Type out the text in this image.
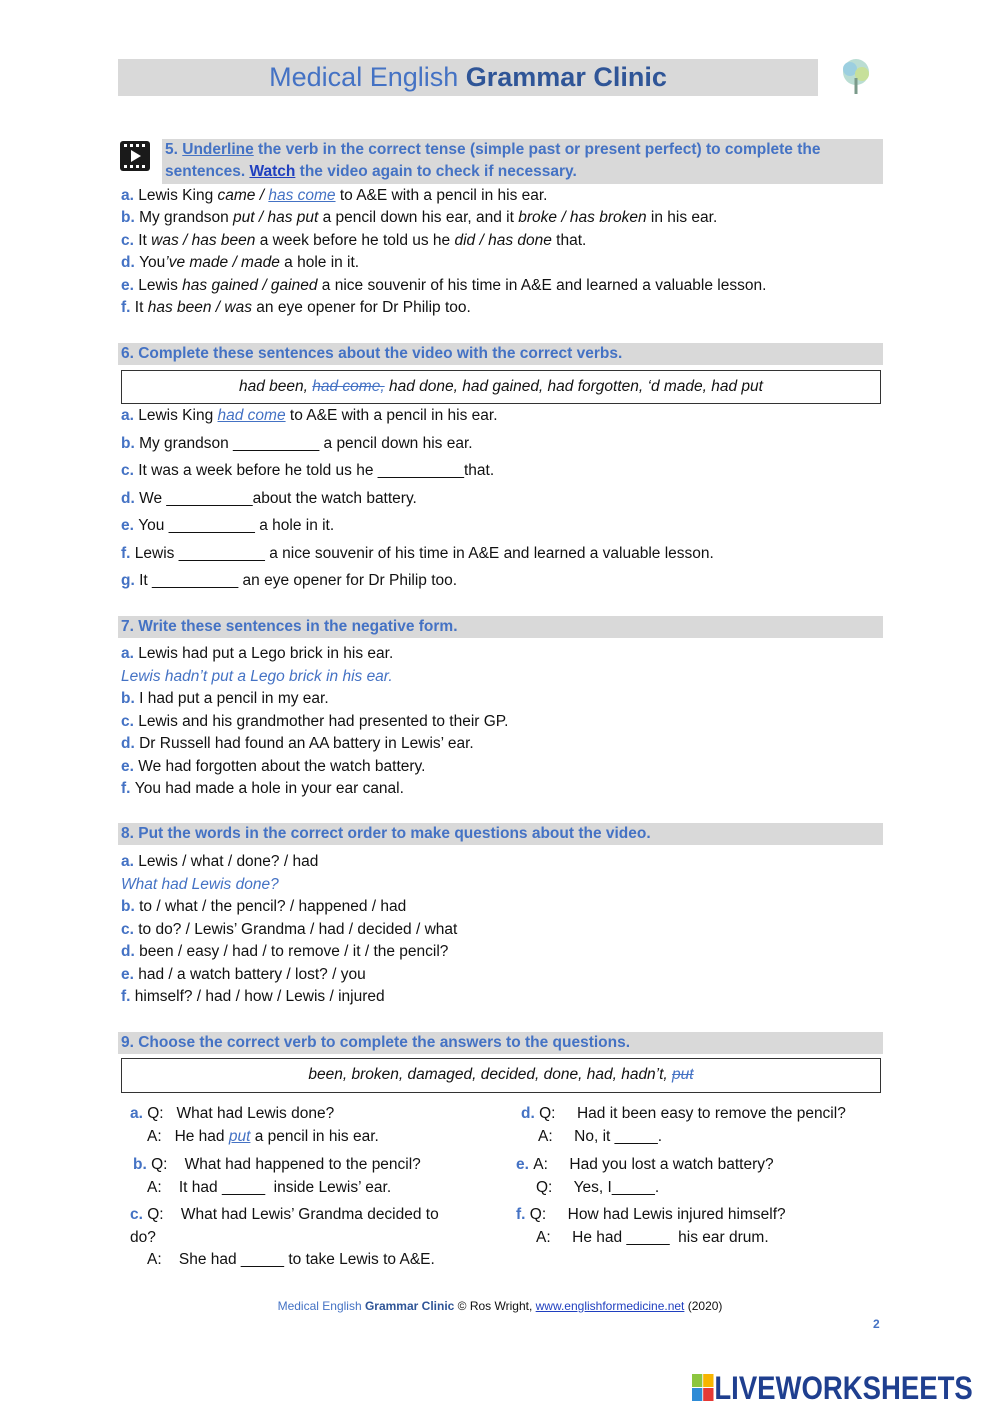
Medical English Grammar Clinic
5. Underline the verb in the correct tense (simple past or present perfect) to complete the
sentences. Watch the video again to check if necessary.
a. Lewis King came / has come to A&E with a pencil in his ear.
b. My grandson put / has put a pencil down his ear, and it broke / has broken in his ear.
c. It was / has been a week before he told us he did / has done that.
d. You’ve made / made a hole in it.
e. Lewis has gained / gained a nice souvenir of his time in A&E and learned a valuable lesson.
f. It has been / was an eye opener for Dr Philip too.
6. Complete these sentences about the video with the correct verbs.
had been, had come, had done, had gained, had forgotten, ‘d made, had put
a. Lewis King had come to A&E with a pencil in his ear.
b. My grandson __________ a pencil down his ear.
c. It was a week before he told us he __________that.
d. We __________about the watch battery.
e. You __________ a hole in it.
f. Lewis __________ a nice souvenir of his time in A&E and learned a valuable lesson.
g. It __________ an eye opener for Dr Philip too.
7. Write these sentences in the negative form.
a. Lewis had put a Lego brick in his ear.
Lewis hadn’t put a Lego brick in his ear.
b. I had put a pencil in my ear.
c. Lewis and his grandmother had presented to their GP.
d. Dr Russell had found an AA battery in Lewis’ ear.
e. We had forgotten about the watch battery.
f. You had made a hole in your ear canal.
8. Put the words in the correct order to make questions about the video.
a. Lewis / what / done? / had
What had Lewis done?
b. to / what / the pencil? / happened / had
c. to do? / Lewis’ Grandma / had / decided / what
d. been / easy / had / to remove / it / the pencil?
e. had / a watch battery / lost? / you
f. himself? / had / how / Lewis / injured
9. Choose the correct verb to complete the answers to the questions.
been, broken, damaged, decided, done, had, hadn’t, put
a. Q:   What had Lewis done?
A:   He had put a pencil in his ear.
b. Q:    What had happened to the pencil?
A:    It had _____  inside Lewis’ ear.
c. Q:    What had Lewis’ Grandma decided to
do?
A:    She had _____ to take Lewis to A&E.
d. Q:     Had it been easy to remove the pencil?
A:     No, it _____.
e. A:     Had you lost a watch battery?
Q:     Yes, I_____.
f. Q:     How had Lewis injured himself?
A:     He had _____  his ear drum.
Medical English Grammar Clinic © Ros Wright, www.englishformedicine.net (2020)
2
LIVEWORKSHEETS
